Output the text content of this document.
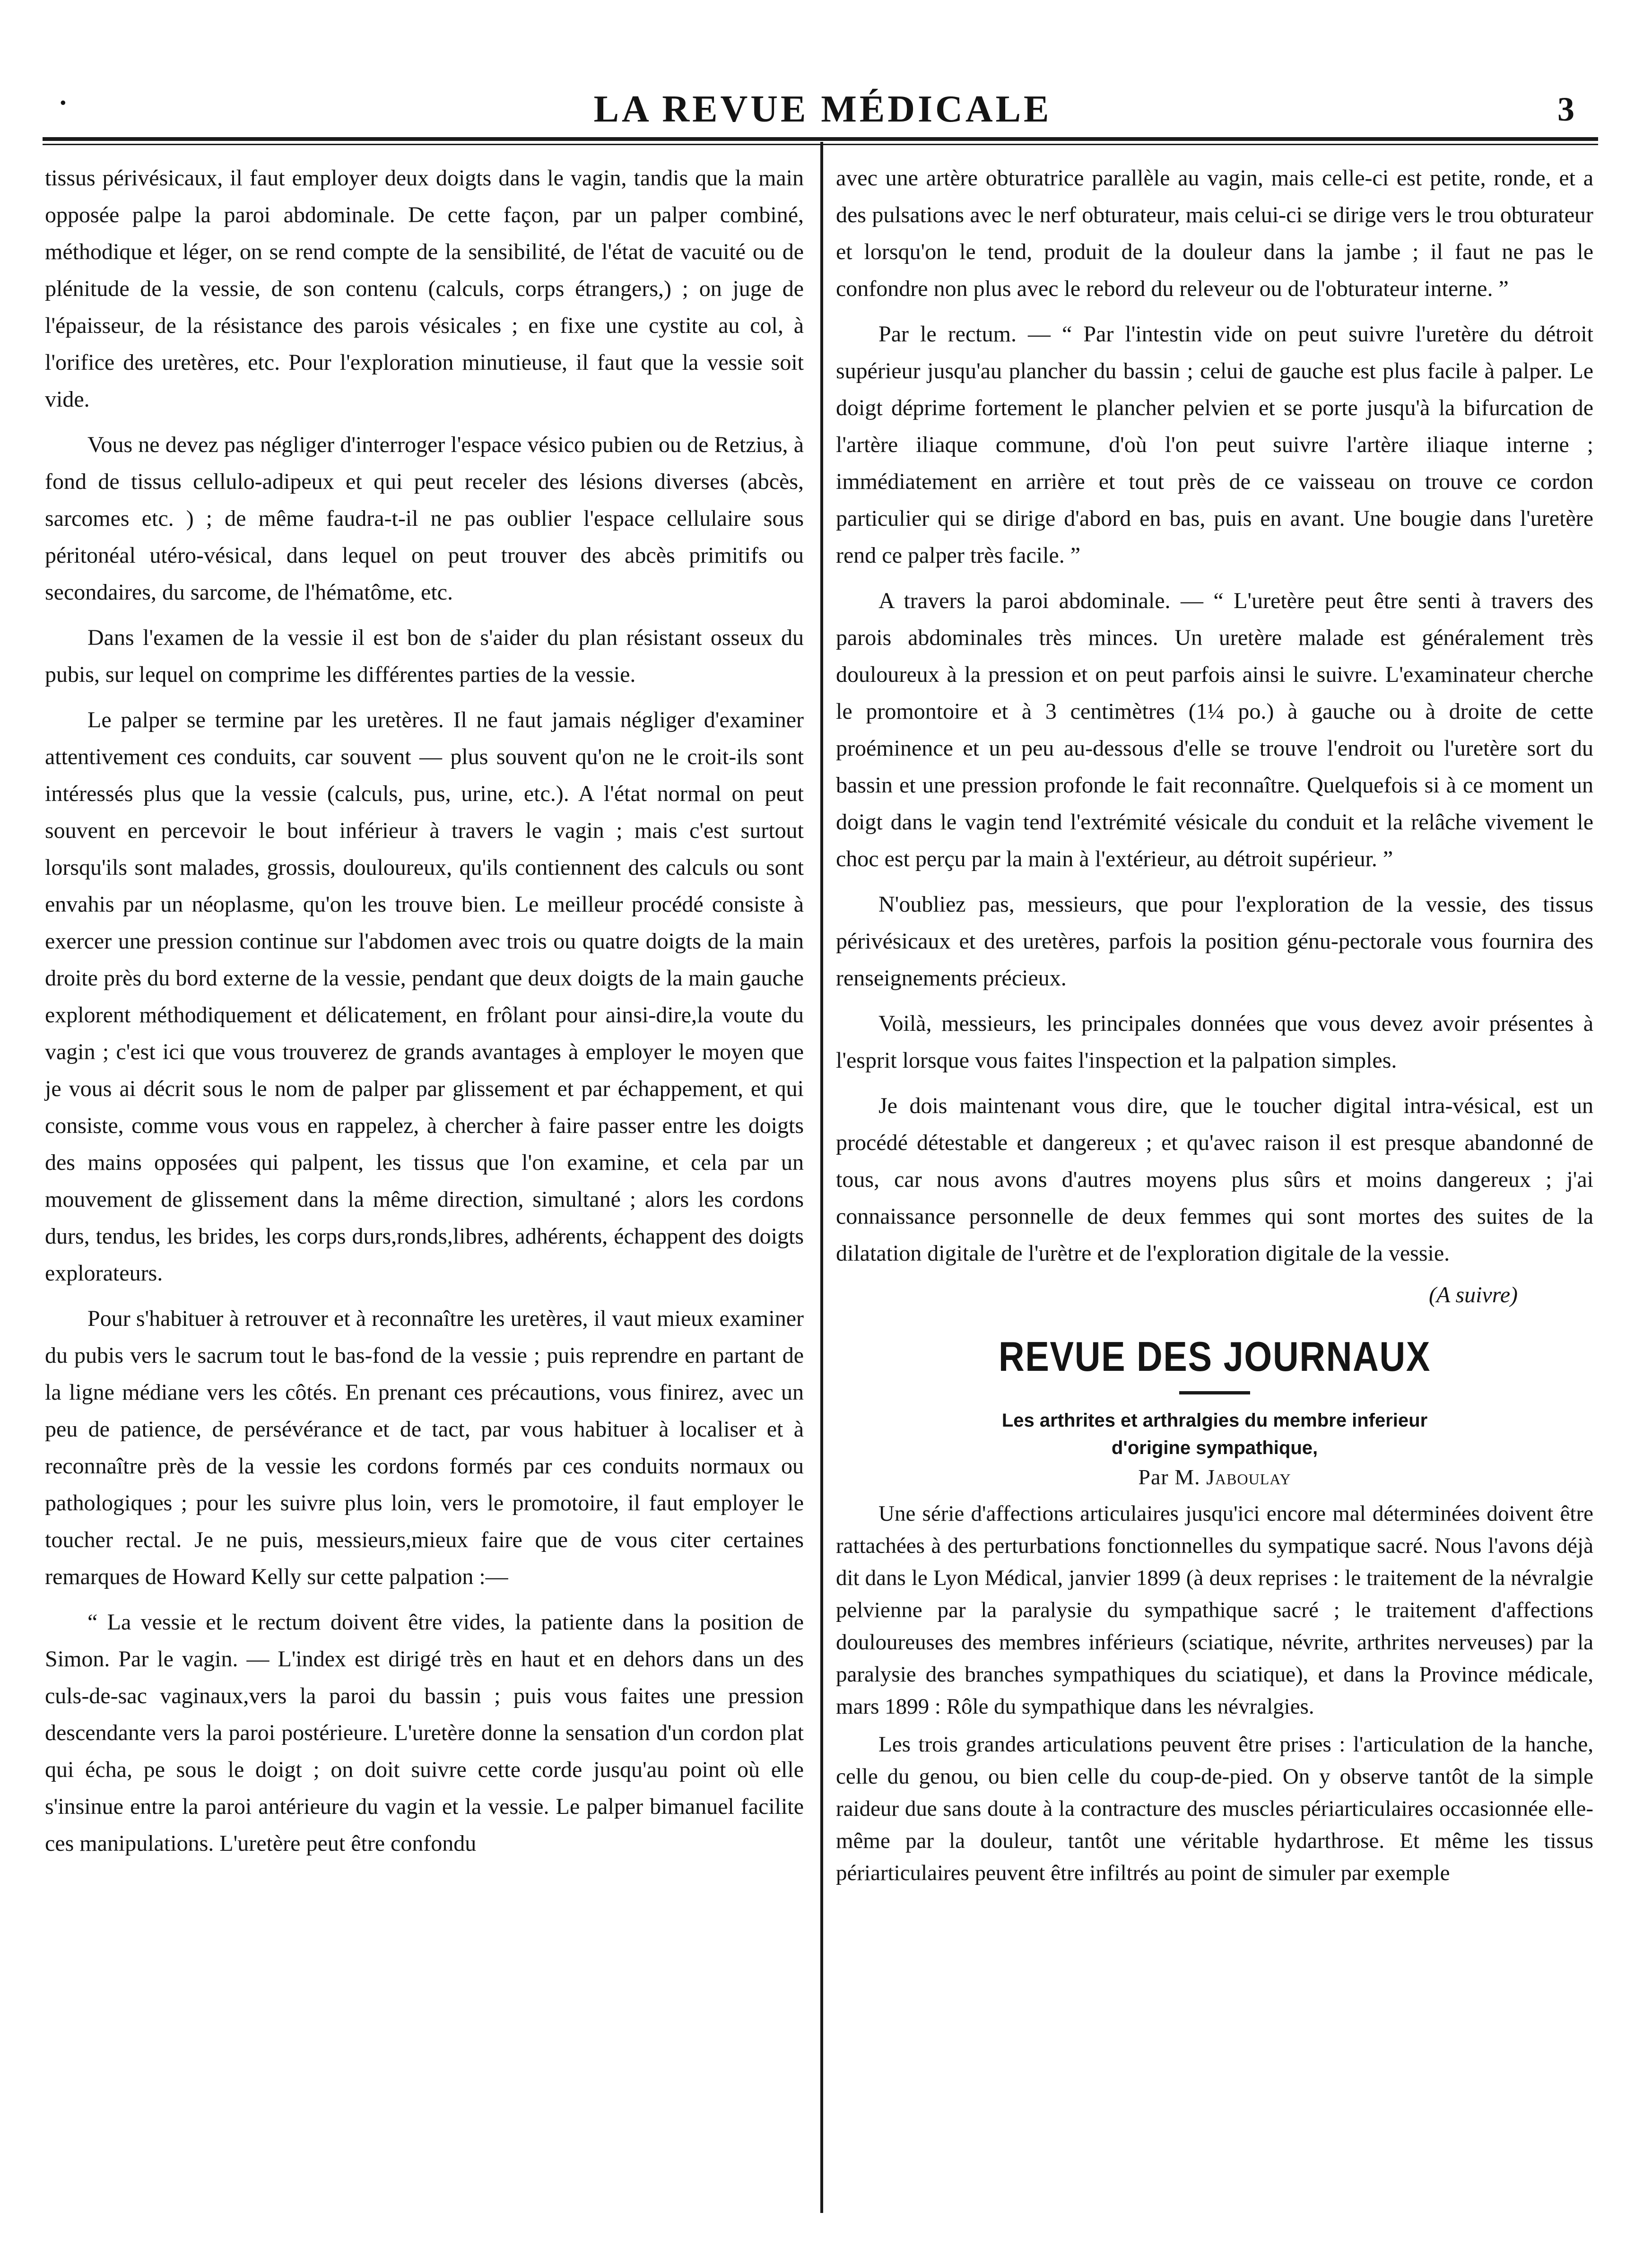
·	LA REVUE MÉDICALE	3

tissus périvésicaux, il faut employer deux doigts dans le vagin, tandis que la main opposée palpe la paroi abdominale. De cette façon, par un palper combiné, méthodique et léger, on se rend compte de la sensibilité, de l'état de vacuité ou de plénitude de la vessie, de son contenu (calculs, corps étrangers,) ; on juge de l'épaisseur, de la résistance des parois vésicales ; en fixe une cystite au col, à l'orifice des uretères, etc. Pour l'exploration minutieuse, il faut que la vessie soit vide.

Vous ne devez pas négliger d'interroger l'espace vésico pubien ou de Retzius, à fond de tissus cellulo-adipeux et qui peut receler des lésions diverses (abcès, sarcomes etc. ) ; de même faudra-t-il ne pas oublier l'espace cellulaire sous péritonéal utéro-vésical, dans lequel on peut trouver des abcès primitifs ou secondaires, du sarcome, de l'hématôme, etc.

Dans l'examen de la vessie il est bon de s'aider du plan résistant osseux du pubis, sur lequel on comprime les différentes parties de la vessie.

Le palper se termine par les uretères. Il ne faut jamais négliger d'examiner attentivement ces conduits, car souvent — plus souvent qu'on ne le croit-ils sont intéressés plus que la vessie (calculs, pus, urine, etc.). A l'état normal on peut souvent en percevoir le bout inférieur à travers le vagin ; mais c'est surtout lorsqu'ils sont malades, grossis, douloureux, qu'ils contiennent des calculs ou sont envahis par un néoplasme, qu'on les trouve bien. Le meilleur procédé consiste à exercer une pression continue sur l'abdomen avec trois ou quatre doigts de la main droite près du bord externe de la vessie, pendant que deux doigts de la main gauche explorent méthodiquement et délicatement, en frôlant pour ainsi-dire,la voute du vagin ; c'est ici que vous trouverez de grands avantages à employer le moyen que je vous ai décrit sous le nom de palper par glissement et par échappement, et qui consiste, comme vous vous en rappelez, à chercher à faire passer entre les doigts des mains opposées qui palpent, les tissus que l'on examine, et cela par un mouvement de glissement dans la même direction, simultané ; alors les cordons durs, tendus, les brides, les corps durs,ronds,libres, adhérents, échappent des doigts explorateurs.

Pour s'habituer à retrouver et à reconnaître les uretères, il vaut mieux examiner du pubis vers le sacrum tout le bas-fond de la vessie ; puis reprendre en partant de la ligne médiane vers les côtés. En prenant ces précautions, vous finirez, avec un peu de patience, de persévérance et de tact, par vous habituer à localiser et à reconnaître près de la vessie les cordons formés par ces conduits normaux ou pathologiques ; pour les suivre plus loin, vers le promotoire, il faut employer le toucher rectal. Je ne puis, messieurs,mieux faire que de vous citer certaines remarques de Howard Kelly sur cette palpation :—

“ La vessie et le rectum doivent être vides, la patiente dans la position de Simon. Par le vagin. — L'index est dirigé très en haut et en dehors dans un des culs-de-sac vaginaux,vers la paroi du bassin ; puis vous faites une pression descendante vers la paroi postérieure. L'uretère donne la sensation d'un cordon plat qui écha, pe sous le doigt ; on doit suivre cette corde jusqu'au point où elle s'insinue entre la paroi antérieure du vagin et la vessie. Le palper bimanuel facilite ces manipulations. L'uretère peut être confondu

avec une artère obturatrice parallèle au vagin, mais celle-ci est petite, ronde, et a des pulsations avec le nerf obturateur, mais celui-ci se dirige vers le trou obturateur et lorsqu'on le tend, produit de la douleur dans la jambe ; il faut ne pas le confondre non plus avec le rebord du releveur ou de l'obturateur interne. ”

Par le rectum. — “ Par l'intestin vide on peut suivre l'uretère du détroit supérieur jusqu'au plancher du bassin ; celui de gauche est plus facile à palper. Le doigt déprime fortement le plancher pelvien et se porte jusqu'à la bifurcation de l'artère iliaque commune, d'où l'on peut suivre l'artère iliaque interne ; immédiatement en arrière et tout près de ce vaisseau on trouve ce cordon particulier qui se dirige d'abord en bas, puis en avant. Une bougie dans l'uretère rend ce palper très facile. ”

A travers la paroi abdominale. — “ L'uretère peut être senti à travers des parois abdominales très minces. Un uretère malade est généralement très douloureux à la pression et on peut parfois ainsi le suivre. L'examinateur cherche le promontoire et à 3 centimètres (1¼ po.) à gauche ou à droite de cette proéminence et un peu au-dessous d'elle se trouve l'endroit ou l'uretère sort du bassin et une pression profonde le fait reconnaître. Quelquefois si à ce moment un doigt dans le vagin tend l'extrémité vésicale du conduit et la relâche vivement le choc est perçu par la main à l'extérieur, au détroit supérieur. ”

N'oubliez pas, messieurs, que pour l'exploration de la vessie, des tissus périvésicaux et des uretères, parfois la position génu-pectorale vous fournira des renseignements précieux.

Voilà, messieurs, les principales données que vous devez avoir présentes à l'esprit lorsque vous faites l'inspection et la palpation simples.

Je dois maintenant vous dire, que le toucher digital intra-vésical, est un procédé détestable et dangereux ; et qu'avec raison il est presque abandonné de tous, car nous avons d'autres moyens plus sûrs et moins dangereux ; j'ai connaissance personnelle de deux femmes qui sont mortes des suites de la dilatation digitale de l'urètre et de l'exploration digitale de la vessie.

(A suivre)
REVUE DES JOURNAUX
Les arthrites et arthralgies du membre inferieur
d'origine sympathique,
Par M. Jaboulay

Une série d'affections articulaires jusqu'ici encore mal déterminées doivent être rattachées à des perturbations fonctionnelles du sympatique sacré. Nous l'avons déjà dit dans le Lyon Médical, janvier 1899 (à deux reprises : le traitement de la névralgie pelvienne par la paralysie du sympathique sacré ; le traitement d'affections douloureuses des membres inférieurs (sciatique, névrite, arthrites nerveuses) par la paralysie des branches sympathiques du sciatique), et dans la Province médicale, mars 1899 : Rôle du sympathique dans les névralgies.

Les trois grandes articulations peuvent être prises : l'articulation de la hanche, celle du genou, ou bien celle du coup-de-pied. On y observe tantôt de la simple raideur due sans doute à la contracture des muscles périarticulaires occasionnée elle-même par la douleur, tantôt une véritable hydarthrose. Et même les tissus périarticulaires peuvent être infiltrés au point de simuler par exemple
